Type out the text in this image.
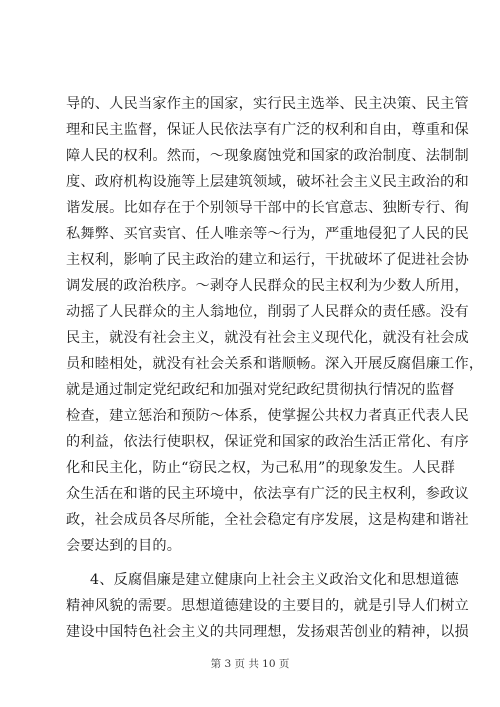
导的、人民当家作主的国家，实行民主选举、民主决策、民主管
理和民主监督，保证人民依法享有广泛的权利和自由，尊重和保
障人民的权利。然而，～现象腐蚀党和国家的政治制度、法制制
度、政府机构设施等上层建筑领域，破坏社会主义民主政治的和
谐发展。比如存在于个别领导干部中的长官意志、独断专行、徇
私舞弊、买官卖官、任人唯亲等～行为，严重地侵犯了人民的民
主权利，影响了民主政治的建立和运行，干扰破坏了促进社会协
调发展的政治秩序。～剥夺人民群众的民主权利为少数人所用，
动摇了人民群众的主人翁地位，削弱了人民群众的责任感。没有
民主，就没有社会主义，就没有社会主义现代化，就没有社会成
员和睦相处，就没有社会关系和谐顺畅。深入开展反腐倡廉工作，
就是通过制定党纪政纪和加强对党纪政纪贯彻执行情况的监督
检查，建立惩治和预防～体系，使掌握公共权力者真正代表人民
的利益，依法行使职权，保证党和国家的政治生活正常化、有序
化和民主化，防止“窃民之权，为己私用”的现象发生。人民群
众生活在和谐的民主环境中，依法享有广泛的民主权利，参政议
政，社会成员各尽所能，全社会稳定有序发展，这是构建和谐社
会要达到的目的。
4、反腐倡廉是建立健康向上社会主义政治文化和思想道德
精神风貌的需要。思想道德建设的主要目的，就是引导人们树立
建设中国特色社会主义的共同理想，发扬艰苦创业的精神，以损
第 3 页 共 10 页
